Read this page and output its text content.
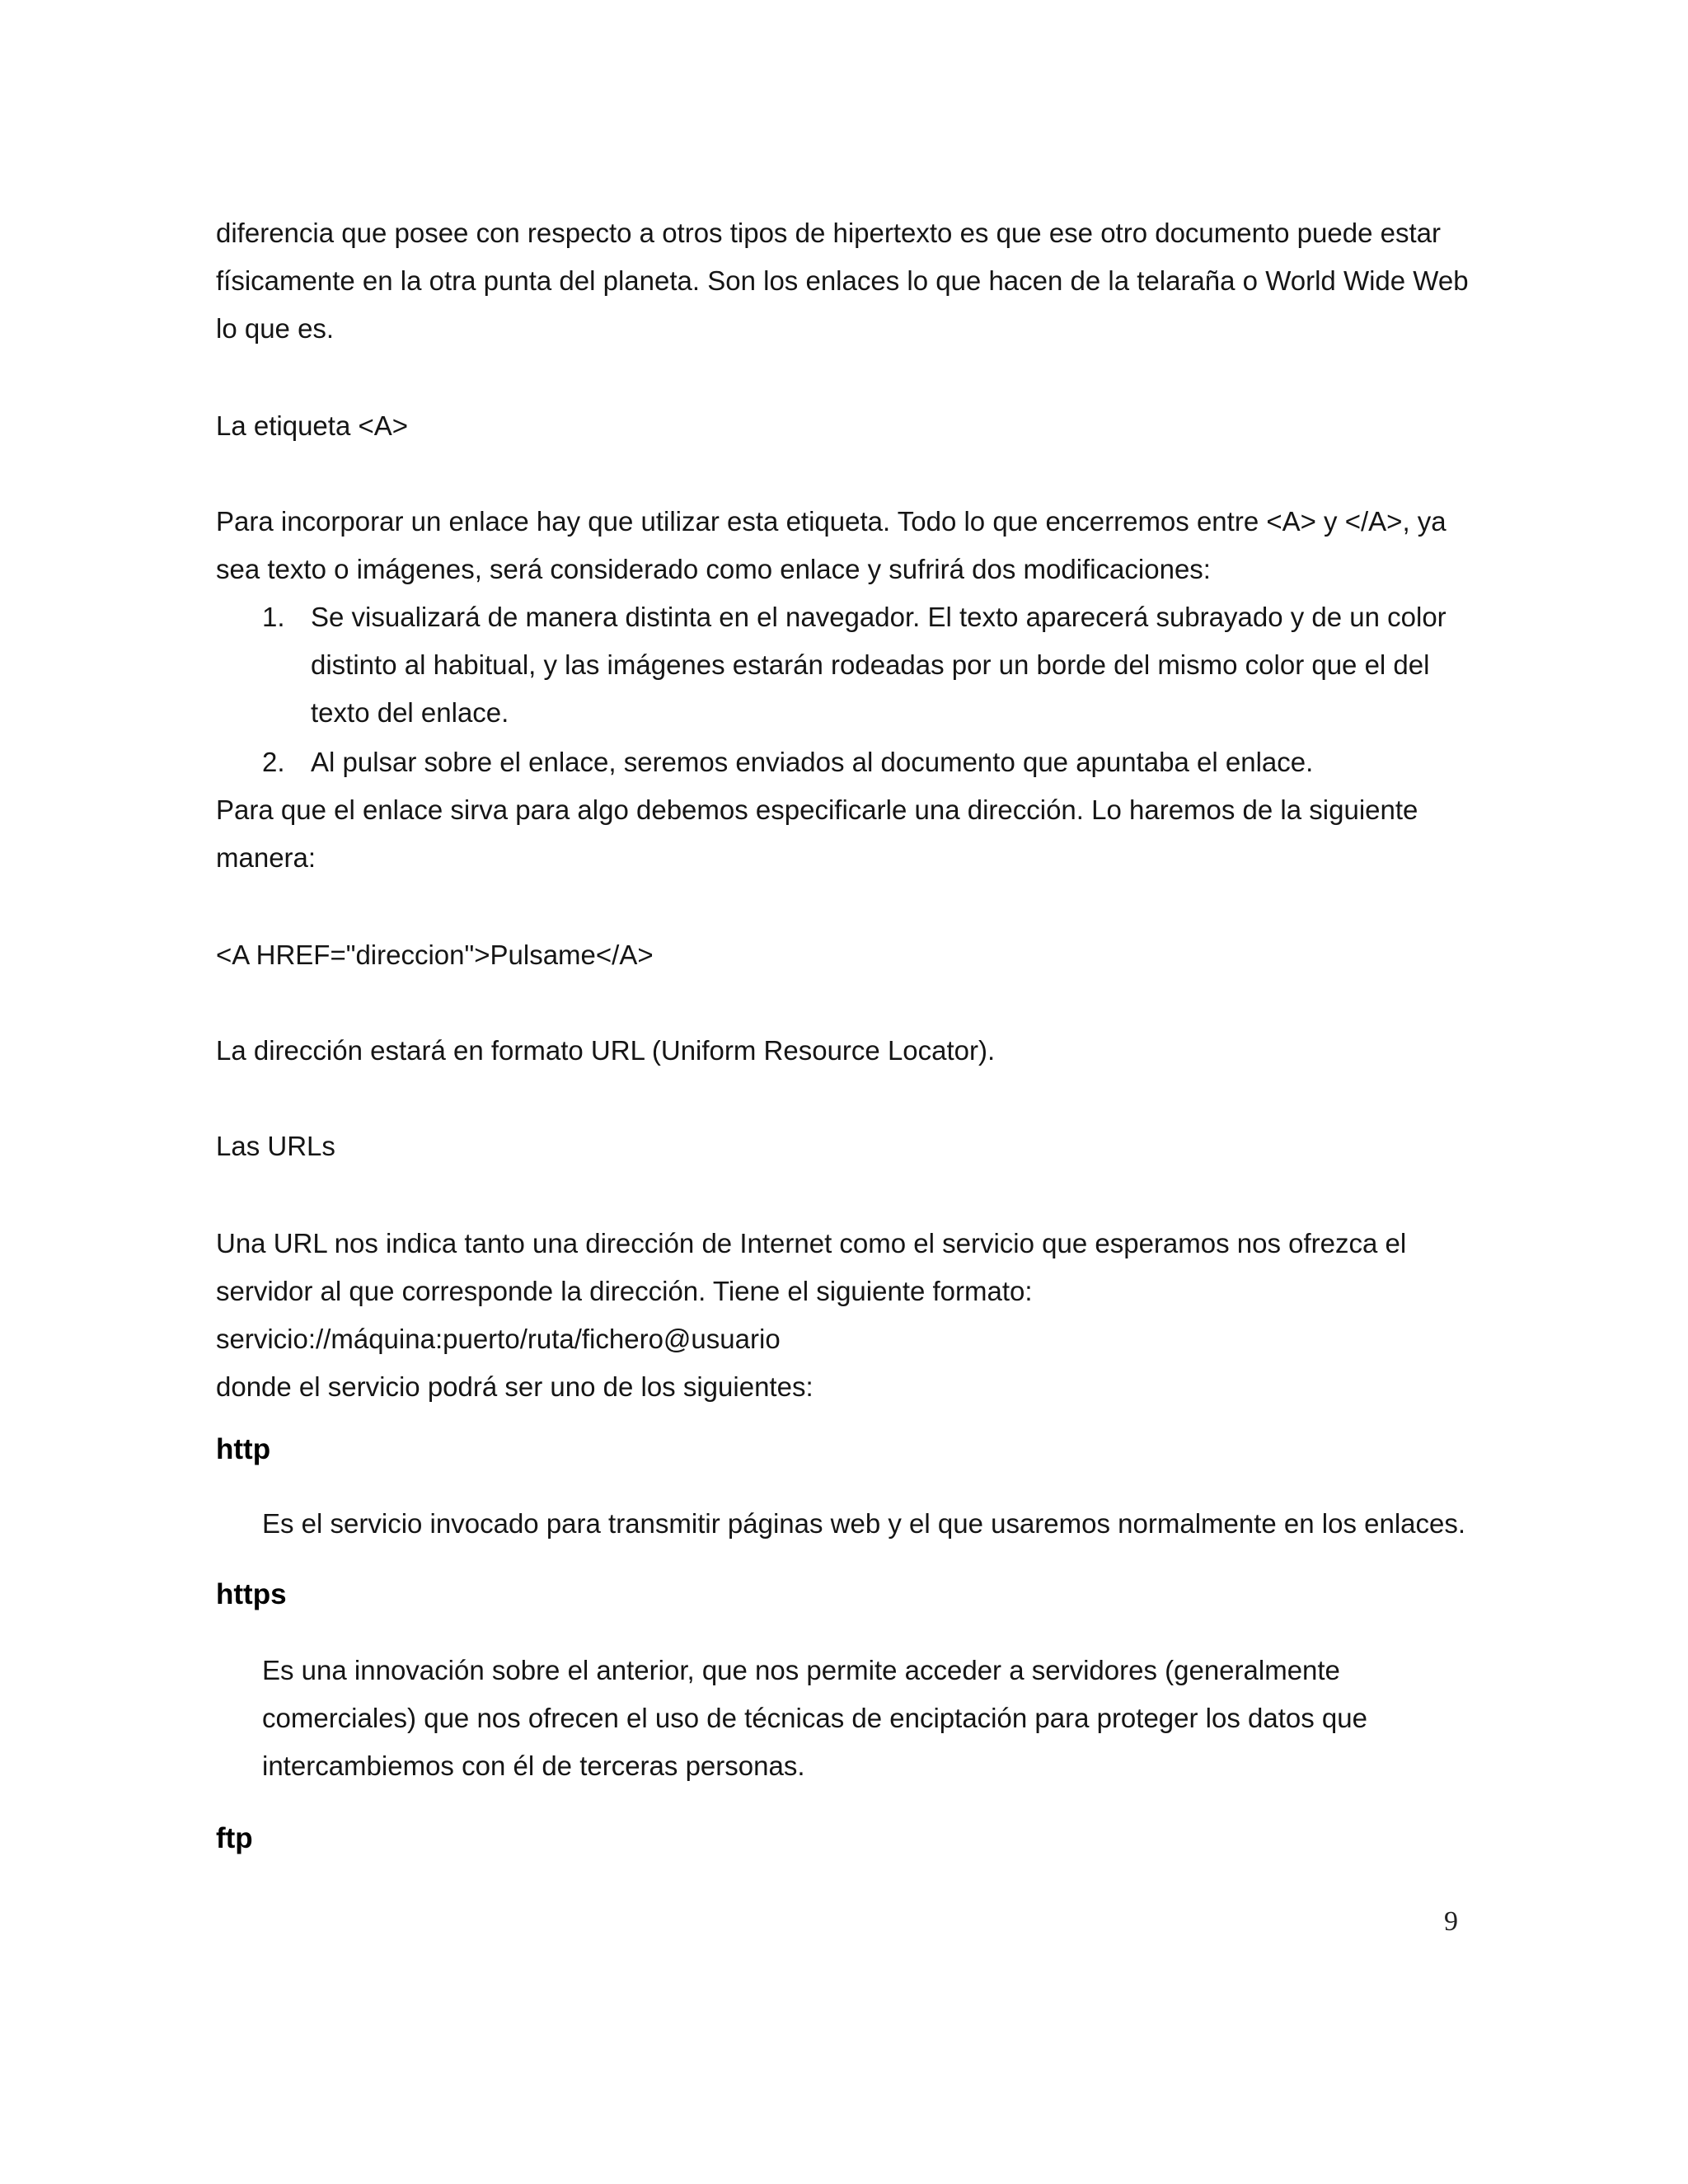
diferencia que posee con respecto a otros tipos de hipertexto es que ese otro documento puede estar
físicamente en la otra punta del planeta. Son los enlaces lo que hacen de la telaraña o World Wide Web
lo que es.
La etiqueta <A>
Para incorporar un enlace hay que utilizar esta etiqueta. Todo lo que encerremos entre <A> y </A>, ya
sea texto o imágenes, será considerado como enlace y sufrirá dos modificaciones:
1. Se visualizará de manera distinta en el navegador. El texto aparecerá subrayado y de un color
distinto al habitual, y las imágenes estarán rodeadas por un borde del mismo color que el del
texto del enlace.
2. Al pulsar sobre el enlace, seremos enviados al documento que apuntaba el enlace.
Para que el enlace sirva para algo debemos especificarle una dirección. Lo haremos de la siguiente
manera:
<A HREF="direccion">Pulsame</A>
La dirección estará en formato URL (Uniform Resource Locator).
Las URLs
Una URL nos indica tanto una dirección de Internet como el servicio que esperamos nos ofrezca el
servidor al que corresponde la dirección. Tiene el siguiente formato:
servicio://máquina:puerto/ruta/fichero@usuario
donde el servicio podrá ser uno de los siguientes:
http
Es el servicio invocado para transmitir páginas web y el que usaremos normalmente en los enlaces.
https
Es una innovación sobre el anterior, que nos permite acceder a servidores (generalmente
comerciales) que nos ofrecen el uso de técnicas de enciptación para proteger los datos que
intercambiemos con él de terceras personas.
ftp
9
